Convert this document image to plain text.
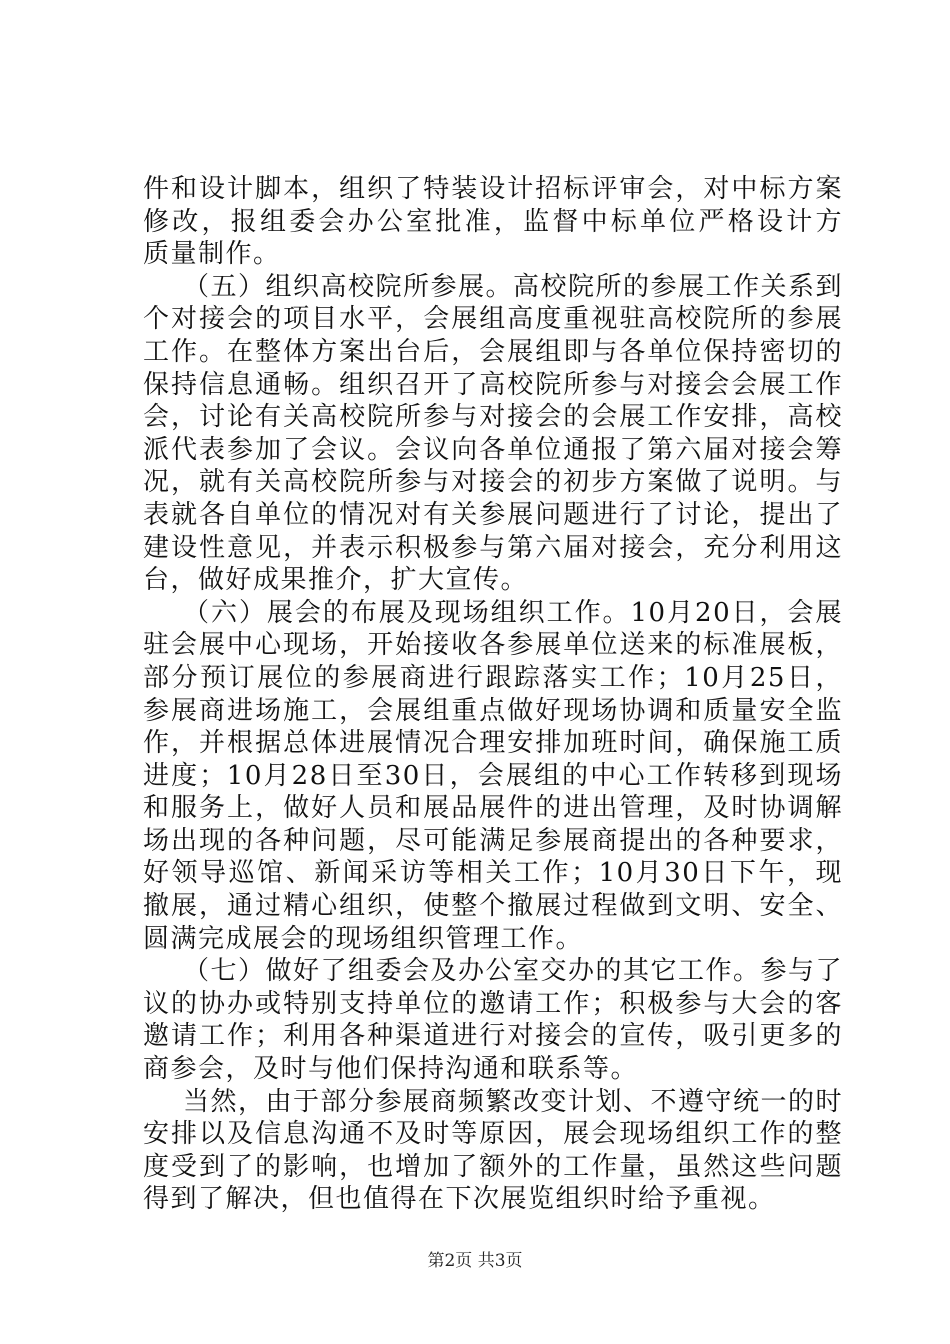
件和设计脚本，组织了特装设计招标评审会，对中标方案
修改，报组委会办公室批准，监督中标单位严格设计方
质量制作。
（五）组织高校院所参展。高校院所的参展工作关系到
个对接会的项目水平，会展组高度重视驻高校院所的参展
工作。在整体方案出台后，会展组即与各单位保持密切的
保持信息通畅。组织召开了高校院所参与对接会会展工作
会，讨论有关高校院所参与对接会的会展工作安排，高校
派代表参加了会议。会议向各单位通报了第六届对接会筹
况，就有关高校院所参与对接会的初步方案做了说明。与
表就各自单位的情况对有关参展问题进行了讨论，提出了
建设性意见，并表示积极参与第六届对接会，充分利用这
台，做好成果推介，扩大宣传。
（六）展会的布展及现场组织工作。10月20日，会展
驻会展中心现场，开始接收各参展单位送来的标准展板，
部分预订展位的参展商进行跟踪落实工作；10月25日，
参展商进场施工，会展组重点做好现场协调和质量安全监
作，并根据总体进展情况合理安排加班时间，确保施工质
进度；10月28日至30日，会展组的中心工作转移到现场
和服务上，做好人员和展品展件的进出管理，及时协调解
场出现的各种问题，尽可能满足参展商提出的各种要求，
好领导巡馆、新闻采访等相关工作；10月30日下午，现
撤展，通过精心组织，使整个撤展过程做到文明、安全、
圆满完成展会的现场组织管理工作。
（七）做好了组委会及办公室交办的其它工作。参与了
议的协办或特别支持单位的邀请工作；积极参与大会的客
邀请工作；利用各种渠道进行对接会的宣传，吸引更多的
商参会，及时与他们保持沟通和联系等。
当然，由于部分参展商频繁改变计划、不遵守统一的时
安排以及信息沟通不及时等原因，展会现场组织工作的整
度受到了的影响，也增加了额外的工作量，虽然这些问题
得到了解决，但也值得在下次展览组织时给予重视。
第2页 共3页
